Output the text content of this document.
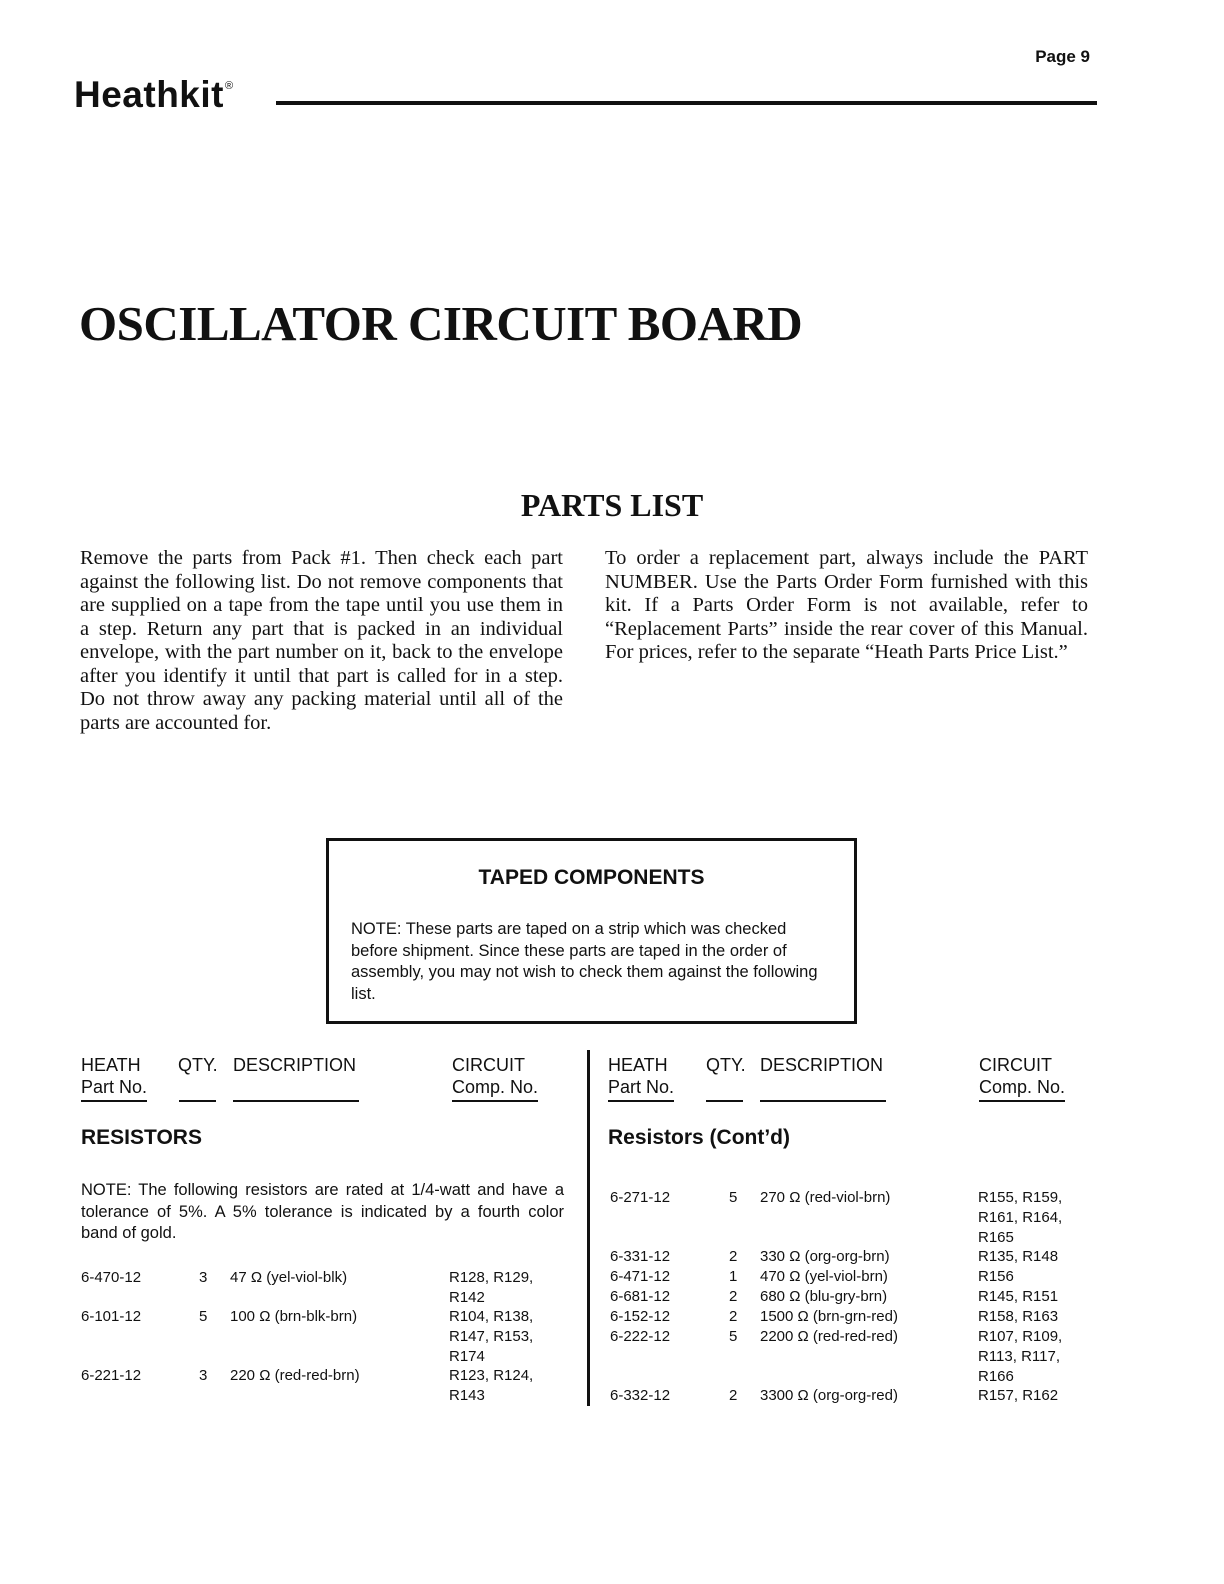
Page 9
Heathkit®
OSCILLATOR CIRCUIT BOARD
PARTS LIST
Remove the parts from Pack #1. Then check each part against the following list. Do not remove components that are supplied on a tape from the tape until you use them in a step. Return any part that is packed in an individual envelope, with the part number on it, back to the envelope after you identify it until that part is called for in a step. Do not throw away any packing material until all of the parts are accounted for.
To order a replacement part, always include the PART NUMBER. Use the Parts Order Form furnished with this kit. If a Parts Order Form is not available, refer to “Replacement Parts” inside the rear cover of this Manual. For prices, refer to the separate “Heath Parts Price List.”
TAPED COMPONENTS
NOTE: These parts are taped on a strip which was checked before shipment. Since these parts are taped in the order of assembly, you may not wish to check them against the following list.
HEATH
Part No.
QTY. DESCRIPTION	CIRCUIT
Comp. No.
HEATH
Part No.
QTY. DESCRIPTION	CIRCUIT
Comp. No.
RESISTORS
NOTE: The following resistors are rated at 1/4-watt and have a tolerance of 5%. A 5% tolerance is indicated by a fourth color band of gold.
6-470-12	3 47 Ω (yel-viol-blk)	R128, R129,
R142
6-101-12	5 100 Ω (brn-blk-brn)	R104, R138,
R147, R153,
R174
6-221-12	3 220 Ω (red-red-brn)	R123, R124,
R143
Resistors (Cont’d)
6-271-12	5 270 Ω (red-viol-brn)	R155, R159,
R161, R164,
R165
6-331-12	2 330 Ω (org-org-brn)	R135, R148
6-471-12	1 470 Ω (yel-viol-brn)	R156
6-681-12	2 680 Ω (blu-gry-brn)	R145, R151
6-152-12	2 1500 Ω (brn-grn-red)	R158, R163
6-222-12	5 2200 Ω (red-red-red)	R107, R109,
R113, R117,
R166
6-332-12	2 3300 Ω (org-org-red)	R157, R162
